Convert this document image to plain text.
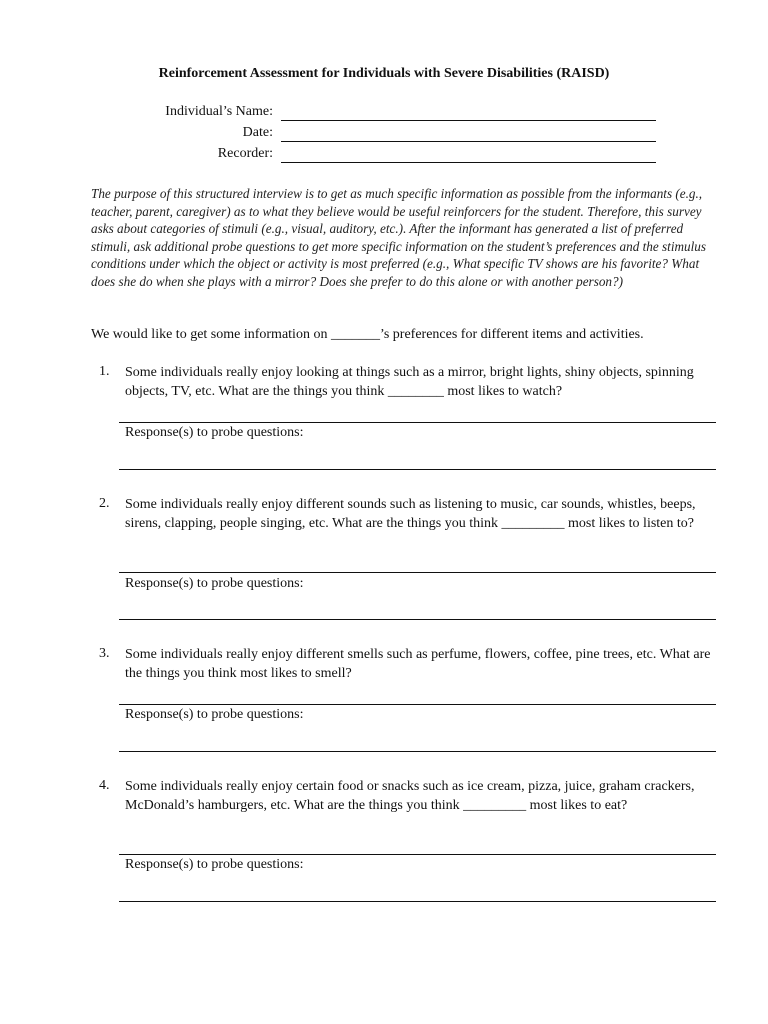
Reinforcement Assessment for Individuals with Severe Disabilities (RAISD)
Individual’s Name:
Date:
Recorder:
The purpose of this structured interview is to get as much specific information as possible from the informants (e.g., teacher, parent, caregiver) as to what they believe would be useful reinforcers for the student. Therefore, this survey asks about categories of stimuli (e.g., visual, auditory, etc.). After the informant has generated a list of preferred stimuli, ask additional probe questions to get more specific information on the student’s preferences and the stimulus conditions under which the object or activity is most preferred (e.g., What specific TV shows are his favorite? What does she do when she plays with a mirror? Does she prefer to do this alone or with another person?)
We would like to get some information on _______’s preferences for different items and activities.
1. Some individuals really enjoy looking at things such as a mirror, bright lights, shiny objects, spinning objects, TV, etc. What are the things you think ________ most likes to watch?
Response(s) to probe questions:
2. Some individuals really enjoy different sounds such as listening to music, car sounds, whistles, beeps, sirens, clapping, people singing, etc. What are the things you think _________ most likes to listen to?
Response(s) to probe questions:
3. Some individuals really enjoy different smells such as perfume, flowers, coffee, pine trees, etc. What are the things you think most likes to smell?
Response(s) to probe questions:
4. Some individuals really enjoy certain food or snacks such as ice cream, pizza, juice, graham crackers, McDonald’s hamburgers, etc. What are the things you think _________ most likes to eat?
Response(s) to probe questions:
